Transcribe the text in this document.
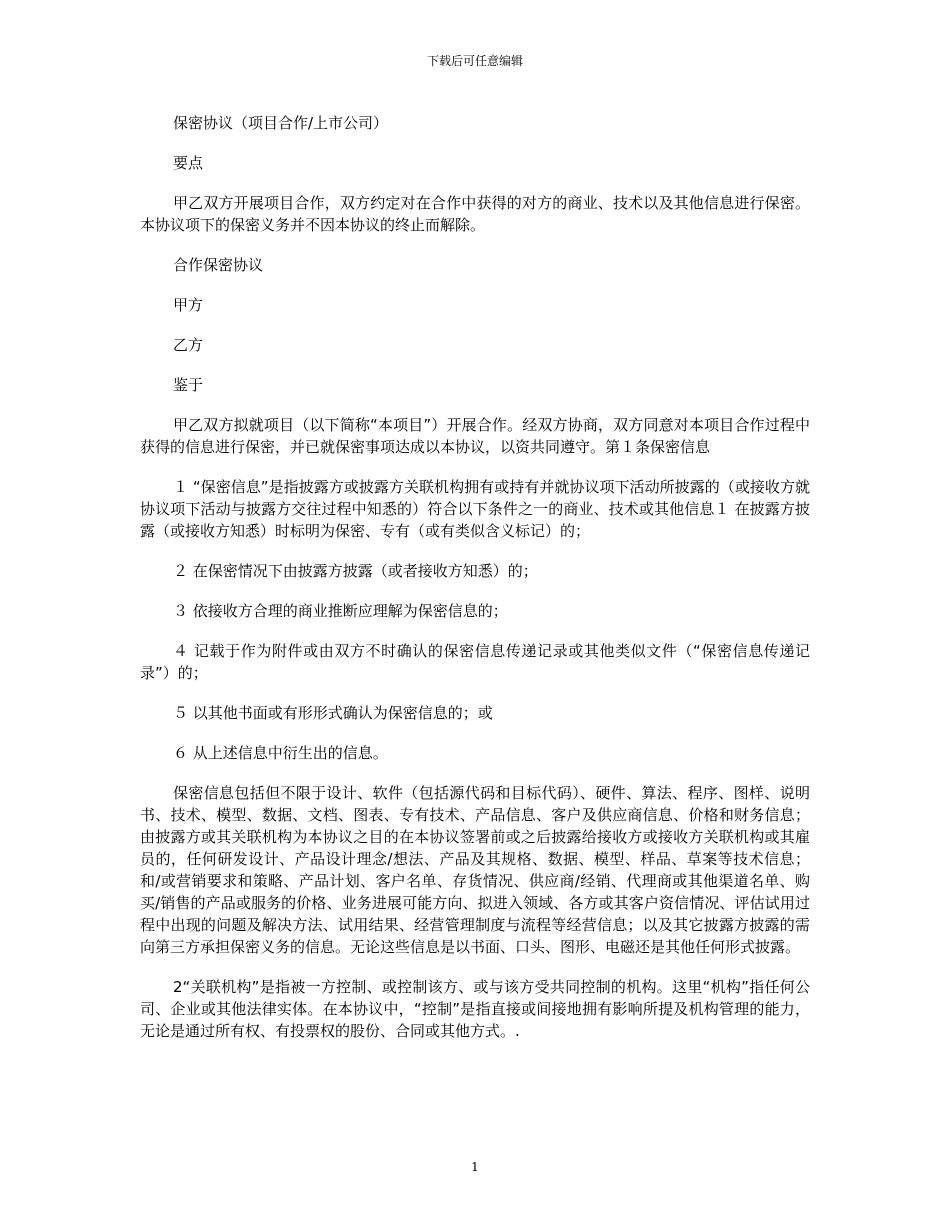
下载后可任意编辑

保密协议（项目合作/上市公司）

要点

甲乙双方开展项目合作，双方约定对在合作中获得的对方的商业、技术以及其他信息进行保密。本协议项下的保密义务并不因本协议的终止而解除。

合作保密协议

甲方

乙方

鉴于

甲乙双方拟就项目（以下简称“本项目”）开展合作。经双方协商，双方同意对本项目合作过程中获得的信息进行保密，并已就保密事项达成以本协议，以资共同遵守。第１条保密信息

１ “保密信息”是指披露方或披露方关联机构拥有或持有并就协议项下活动所披露的（或接收方就协议项下活动与披露方交往过程中知悉的）符合以下条件之一的商业、技术或其他信息１ 在披露方披露（或接收方知悉）时标明为保密、专有（或有类似含义标记）的；

２ 在保密情况下由披露方披露（或者接收方知悉）的；

３ 依接收方合理的商业推断应理解为保密信息的；

４ 记载于作为附件或由双方不时确认的保密信息传递记录或其他类似文件（“保密信息传递记录”）的；

５ 以其他书面或有形形式确认为保密信息的；或

６ 从上述信息中衍生出的信息。

保密信息包括但不限于设计、软件（包括源代码和目标代码）、硬件、算法、程序、图样、说明书、技术、模型、数据、文档、图表、专有技术、产品信息、客户及供应商信息、价格和财务信息；由披露方或其关联机构为本协议之目的在本协议签署前或之后披露给接收方或接收方关联机构或其雇员的，任何研发设计、产品设计理念/想法、产品及其规格、数据、模型、样品、草案等技术信息；和/或营销要求和策略、产品计划、客户名单、存货情况、供应商/经销、代理商或其他渠道名单、购买/销售的产品或服务的价格、业务进展可能方向、拟进入领域、各方或其客户资信情况、评估试用过程中出现的问题及解决方法、试用结果、经营管理制度与流程等经营信息；以及其它披露方披露的需向第三方承担保密义务的信息。无论这些信息是以书面、口头、图形、电磁还是其他任何形式披露。

2“关联机构”是指被一方控制、或控制该方、或与该方受共同控制的机构。这里“机构”指任何公司、企业或其他法律实体。在本协议中，“控制”是指直接或间接地拥有影响所提及机构管理的能力，无论是通过所有权、有投票权的股份、合同或其他方式。.

1
